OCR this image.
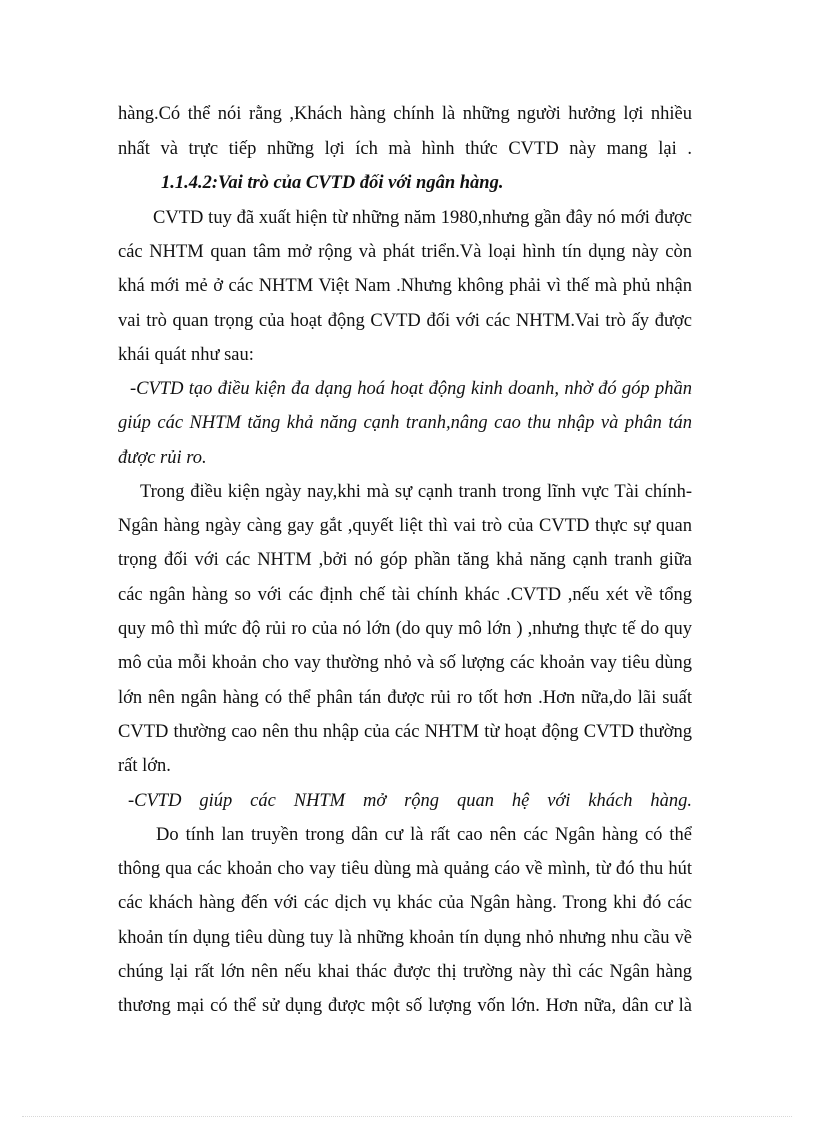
hàng.Có thể nói rằng ,Khách hàng chính là những người hưởng lợi nhiều
nhất và trực tiếp những lợi ích mà hình thức CVTD này mang lại .
1.1.4.2:Vai trò của CVTD đối với ngân hàng.
CVTD tuy đã xuất hiện từ những năm 1980,nhưng gần đây nó mới được
các NHTM quan tâm mở rộng và phát triển.Và loại hình tín dụng này còn
khá mới mẻ ở các NHTM Việt Nam .Nhưng không phải vì thế mà phủ nhận
vai trò quan trọng của hoạt động CVTD đối với các NHTM.Vai trò ấy được
khái quát như sau:
-CVTD tạo điều kiện đa dạng hoá hoạt động kinh doanh, nhờ đó góp phần
giúp các NHTM tăng khả năng cạnh tranh,nâng cao thu nhập và phân tán
được rủi ro.
Trong điều kiện ngày nay,khi mà sự cạnh tranh trong lĩnh vực Tài chính-
Ngân hàng ngày càng gay gắt ,quyết liệt thì vai trò của CVTD thực sự quan
trọng đối với các NHTM ,bởi nó góp phần tăng khả năng cạnh tranh giữa
các ngân hàng so với các định chế tài chính khác .CVTD ,nếu xét về tổng
quy mô thì mức độ rủi ro của nó lớn (do quy mô lớn ) ,nhưng thực tế do quy
mô của mỗi khoản cho vay thường nhỏ và số lượng các khoản vay tiêu dùng
lớn nên ngân hàng có thể phân tán được rủi ro tốt hơn .Hơn nữa,do lãi suất
CVTD thường cao nên thu nhập của các NHTM từ hoạt động CVTD thường
rất lớn.
-CVTD giúp các NHTM mở rộng quan hệ với khách hàng.
Do tính lan truyền trong dân cư là rất cao nên các Ngân hàng có thể
thông qua các khoản cho vay tiêu dùng mà quảng cáo về mình, từ đó thu hút
các khách hàng đến với các dịch vụ khác của Ngân hàng. Trong khi đó các
khoản tín dụng tiêu dùng tuy là những khoản tín dụng nhỏ nhưng nhu cầu về
chúng lại rất lớn nên nếu khai thác được thị trường này thì các Ngân hàng
thương mại có thể sử dụng được một số lượng vốn lớn. Hơn nữa, dân cư là
